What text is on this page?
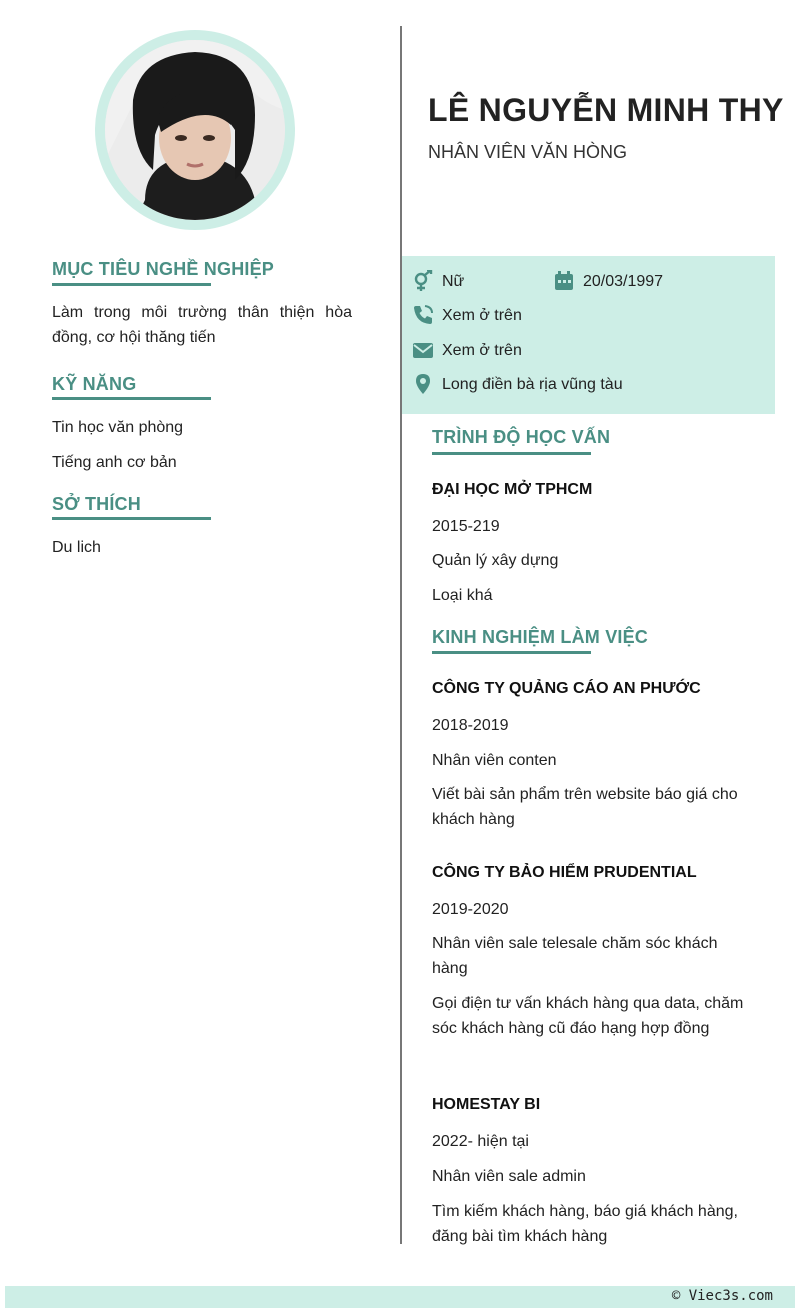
MỤC TIÊU NGHỀ NGHIỆP
Làm trong môi trường thân thiện hòa đồng, cơ hội thăng tiến
KỸ NĂNG
Tin học văn phòng
Tiếng anh cơ bản
SỞ THÍCH
Du lich
LÊ NGUYỄN MINH THY
NHÂN VIÊN VĂN HÒNG
Nữ	20/03/1997
Xem ở trên
Xem ở trên
Long điền bà rịa vũng tàu
TRÌNH ĐỘ HỌC VẤN
ĐẠI HỌC MỞ TPHCM
2015-219
Quản lý xây dựng
Loại khá
KINH NGHIỆM LÀM VIỆC
CÔNG TY QUẢNG CÁO AN PHƯỚC
2018-2019
Nhân viên conten
Viết bài sản phẩm trên website báo giá cho khách hàng
CÔNG TY BẢO HIỂM PRUDENTIAL
2019-2020
Nhân viên sale telesale chăm sóc khách hàng
Gọi điện tư vấn khách hàng qua data, chăm sóc khách hàng cũ đáo hạng hợp đồng
HOMESTAY BI
2022- hiện tại
Nhân viên sale admin
Tìm kiếm khách hàng, báo giá khách hàng, đăng bài tìm khách hàng
© Viec3s.com
